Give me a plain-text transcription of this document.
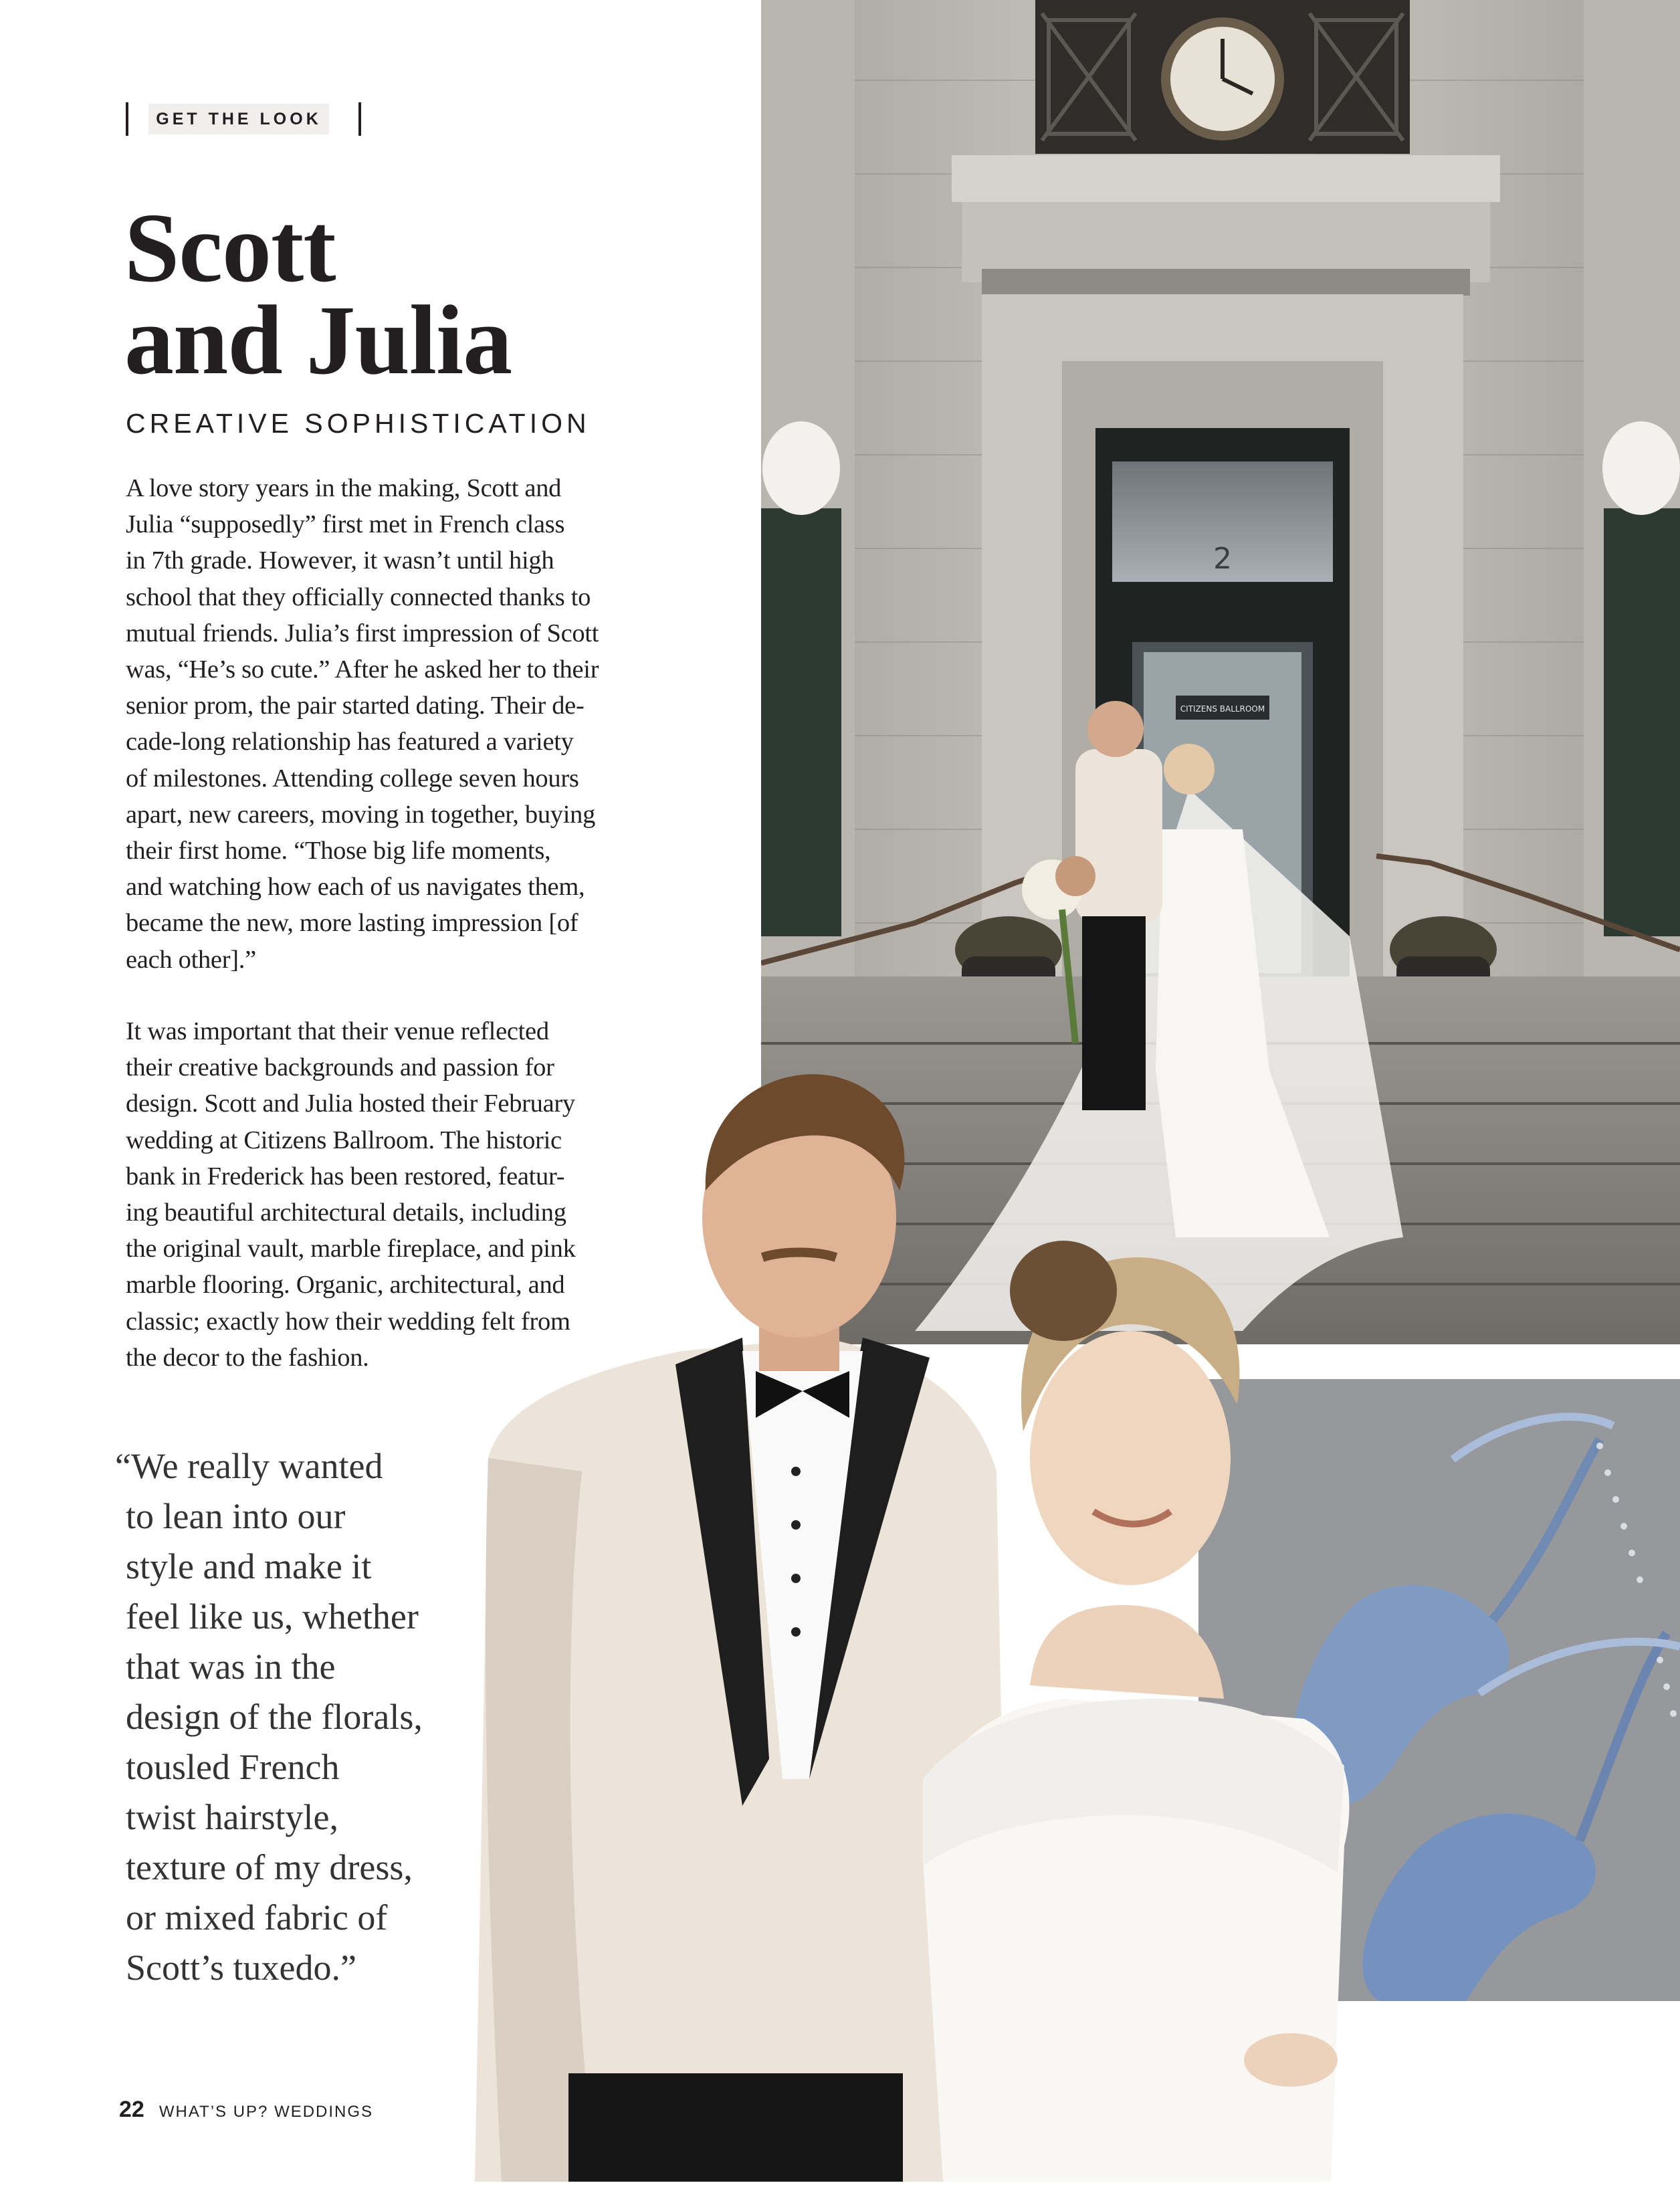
GET THE LOOK
Scott
and Julia
CREATIVE SOPHISTICATION
A love story years in the making, Scott and
Julia “supposedly” first met in French class
in 7th grade. However, it wasn’t until high
school that they officially connected thanks to
mutual friends. Julia’s first impression of Scott
was, “He’s so cute.” After he asked her to their
senior prom, the pair started dating. Their de-
cade-long relationship has featured a variety
of milestones. Attending college seven hours
apart, new careers, moving in together, buying
their first home. “Those big life moments,
and watching how each of us navigates them,
became the new, more lasting impression [of
each other].”
It was important that their venue reflected
their creative backgrounds and passion for
design. Scott and Julia hosted their February
wedding at Citizens Ballroom. The historic
bank in Frederick has been restored, featur-
ing beautiful architectural details, including
the original vault, marble fireplace, and pink
marble flooring. Organic, architectural, and
classic; exactly how their wedding felt from
the decor to the fashion.
“We really wanted
to lean into our
style and make it
feel like us, whether
that was in the
design of the florals,
tousled French
twist hairstyle,
texture of my dress,
or mixed fabric of
Scott’s tuxedo.”
22 WHAT’S UP? WEDDINGS
2
CITIZENS BALLROOM
